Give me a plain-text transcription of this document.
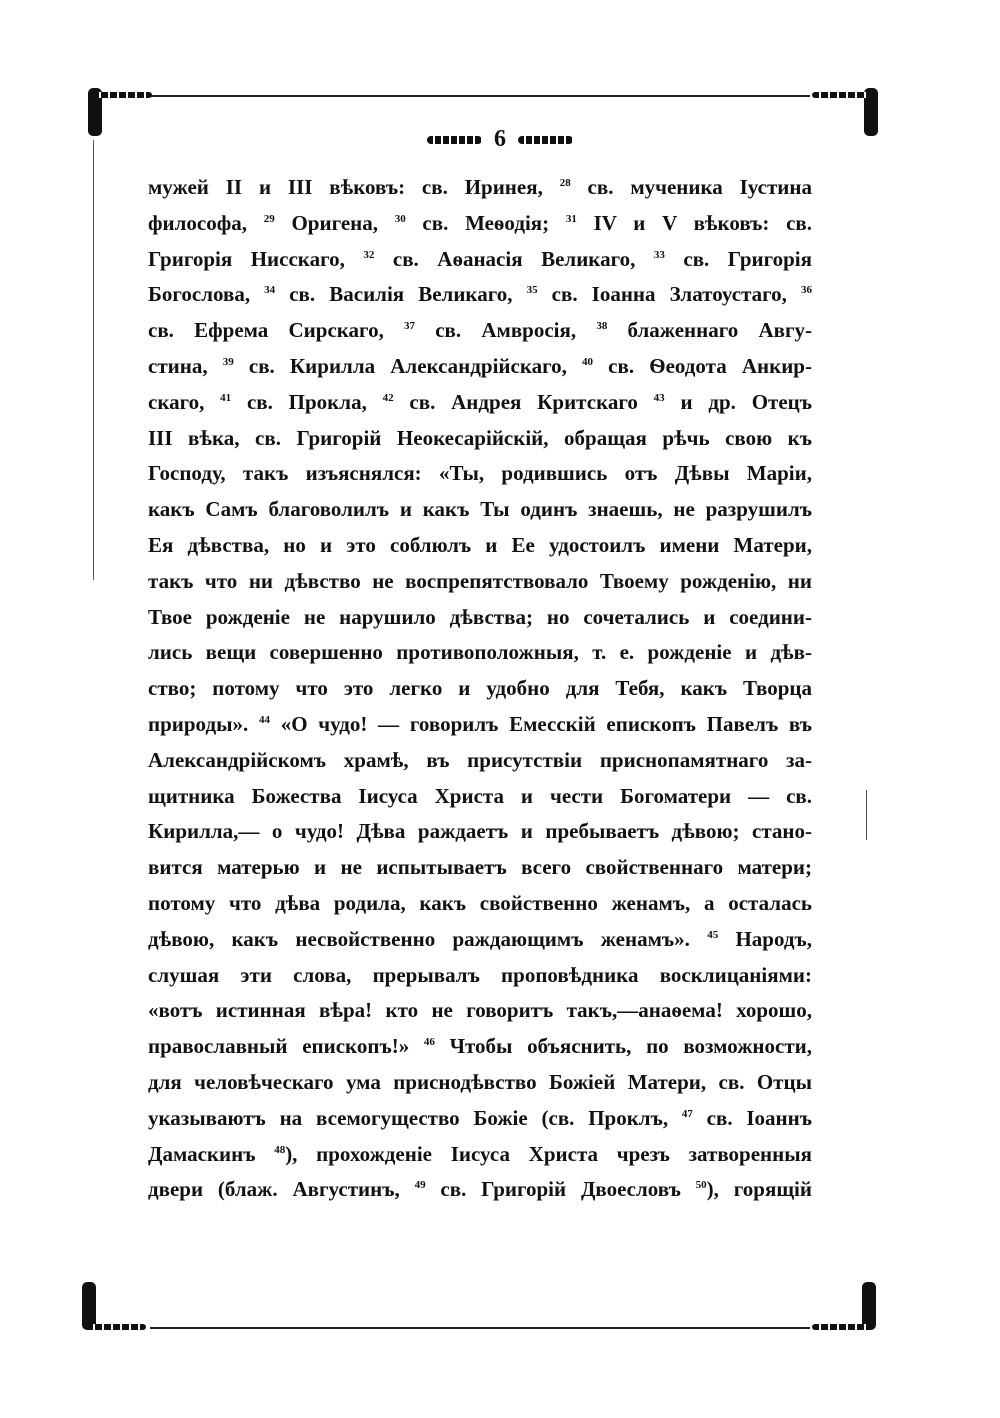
6
мужей II и III вѣковъ: св. Иринея, $^{28}$ св. мученика Іустина
философа, $^{29}$ Оригена, $^{30}$ св. Меѳодія; $^{31}$ IV и V вѣковъ: св.
Григорія Нисскаго, $^{32}$ св. Аѳанасія Великаго, $^{33}$ св. Григорія
Богослова, $^{34}$ св. Василія Великаго, $^{35}$ св. Іоанна Златоустаго, $^{36}$
св. Ефрема Сирскаго, $^{37}$ св. Амвросія, $^{38}$ блаженнаго Авгу-
стина, $^{39}$ св. Кирилла Александрійскаго, $^{40}$ св. Ѳеодота Анкир-
скаго, $^{41}$ св. Прокла, $^{42}$ св. Андрея Критскаго $^{43}$ и др. Отецъ
III вѣка, св. Григорій Неокесарійскій, обращая рѣчь свою къ
Господу, такъ изъяснялся: «Ты, родившись отъ Дѣвы Маріи,
какъ Самъ благоволилъ и какъ Ты одинъ знаешь, не разрушилъ
Ея дѣвства, но и это соблюлъ и Ее удостоилъ имени Матери,
такъ что ни дѣвство не воспрепятствовало Твоему рожденію, ни
Твое рожденіе не нарушило дѣвства; но сочетались и соедини-
лись вещи совершенно противоположныя, т. е. рожденіе и дѣв-
ство; потому что это легко и удобно для Тебя, какъ Творца
природы». $^{44}$ «О чудо! — говорилъ Емесскій епископъ Павелъ въ
Александрійскомъ храмѣ, въ присутствіи приснопамятнаго за-
щитника Божества Іисуса Христа и чести Богоматери — св.
Кирилла,— о чудо! Дѣва раждаетъ и пребываетъ дѣвою; стано-
вится матерью и не испытываетъ всего свойственнаго матери;
потому что дѣва родила, какъ свойственно женамъ, а осталась
дѣвою, какъ несвойственно раждающимъ женамъ». $^{45}$ Народъ,
слушая эти слова, прерывалъ проповѣдника восклицаніями:
«вотъ истинная вѣра! кто не говоритъ такъ,—анаѳема! хорошо,
православный епископъ!» $^{46}$ Чтобы объяснить, по возможности,
для человѣческаго ума приснодѣвство Божіей Матери, св. Отцы
указываютъ на всемогущество Божіе (св. Проклъ, $^{47}$ св. Іоаннъ
Дамаскинъ $^{48}$), прохожденіе Іисуса Христа чрезъ затворенныя
двери (блаж. Августинъ, $^{49}$ св. Григорій Двоесловъ $^{50}$), горящій
